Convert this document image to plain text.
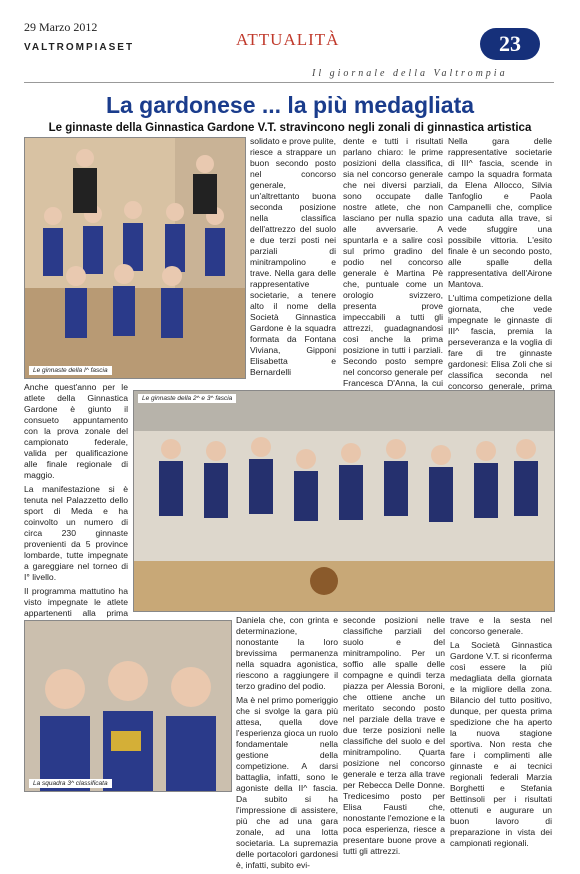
29 Marzo 2012
VALTROMPIASET	ATTUALITÀ	23
Il giornale della Valtrompia
La gardonese ... la più medagliata
Le ginnaste della Ginnastica Gardone V.T. stravincono negli zonali di ginnastica artistica
Le ginnaste della I^ fascia

solidato e prove pulite, riesce a strappare un buon secondo posto nel concorso generale, un'altrettanto buona seconda posizione nella classifica dell'attrezzo del suolo e due terzi posti nei parziali di minitrampolino e trave. Nella gara delle rappresentative societarie, a tenere alto il nome della Società Ginnastica Gardone è la squadra formata da Fontana Viviana, Gipponi Elisabetta e Bernardelli

dente e tutti i risultati parlano chiaro: le prime posizioni della classifica, sia nel concorso generale che nei diversi parziali, sono occupate dalle nostre atlete, che non lasciano per nulla spazio alle avversarie. A spuntarla e a salire così sul primo gradino del podio nel concorso generale è Martina Pè che, puntuale come un orologio svizzero, presenta prove impeccabili a tutti gli attrezzi, guadagnandosi così anche la prima posizione in tutti i parziali. Secondo posto sempre nel concorso generale per Francesca D'Anna, la cui

Nella gara delle rappresentative societarie di III^ fascia, scende in campo la squadra formata da Elena Allocco, Silvia Tanfoglio e Paola Campanelli che, complice una caduta alla trave, si vede sfuggire una possibile vittoria. L'esito finale è un secondo posto, alle spalle della rappresentativa dell'Airone Mantova.

L'ultima competizione della giornata, che vede impegnate le ginnaste di III^ fascia, premia la perseveranza e la voglia di fare di tre ginnaste gardonesi: Elisa Zoli che si classifica seconda nel concorso generale, prima

Anche quest'anno per le atlete della Ginnastica Gardone è giunto il consueto appuntamento con la prova zonale del campionato federale, valida per qualificazione alle finale regionale di maggio.

La manifestazione si è tenuta nel Palazzetto dello sport di Meda e ha coinvolto un numero di circa 230 ginnaste provenienti da 5 province lombarde, tutte impegnate a gareggiare nel torneo di I° livello.

Il programma mattutino ha visto impegnate le atlete appartenenti alla prima

Le ginnaste della 2^ e 3^ fascia
La squadra 3^ classificata

Daniela che, con grinta e determinazione, nonostante la loro brevissima permanenza nella squadra agonistica, riescono a raggiungere il terzo gradino del podio.

Ma è nel primo pomeriggio che si svolge la gara più attesa, quella dove l'esperienza gioca un ruolo fondamentale nella gestione della competizione. A darsi battaglia, infatti, sono le agoniste della II^ fascia. Da subito si ha l'impressione di assistere, più che ad una gara zonale, ad una lotta societaria. La supremazia delle portacolori gardonesi è, infatti, subito evi-

seconde posizioni nelle classifiche parziali del suolo e del minitrampolino. Per un soffio alle spalle delle compagne e quindi terza piazza per Alessia Boroni, che ottiene anche un meritato secondo posto nel parziale della trave e due terze posizioni nelle classifiche del suolo e del minitrampolino. Quarta posizione nel concorso generale e terza alla trave per Rebecca Delle Donne. Tredicesimo posto per Elisa Fausti che, nonostante l'emozione e la poca esperienza, riesce a presentare buone prove a tutti gli attrezzi.

trave e la sesta nel concorso generale.

La Società Ginnastica Gardone V.T. si riconferma così essere la più medagliata della giornata e la migliore della zona. Bilancio del tutto positivo, dunque, per questa prima spedizione che ha aperto la nuova stagione sportiva. Non resta che fare i complimenti alle ginnaste e ai tecnici regionali federali Marzia Borghetti e Stefania Bettinsoli per i risultati ottenuti e augurare un buon lavoro di preparazione in vista dei campionati regionali.
